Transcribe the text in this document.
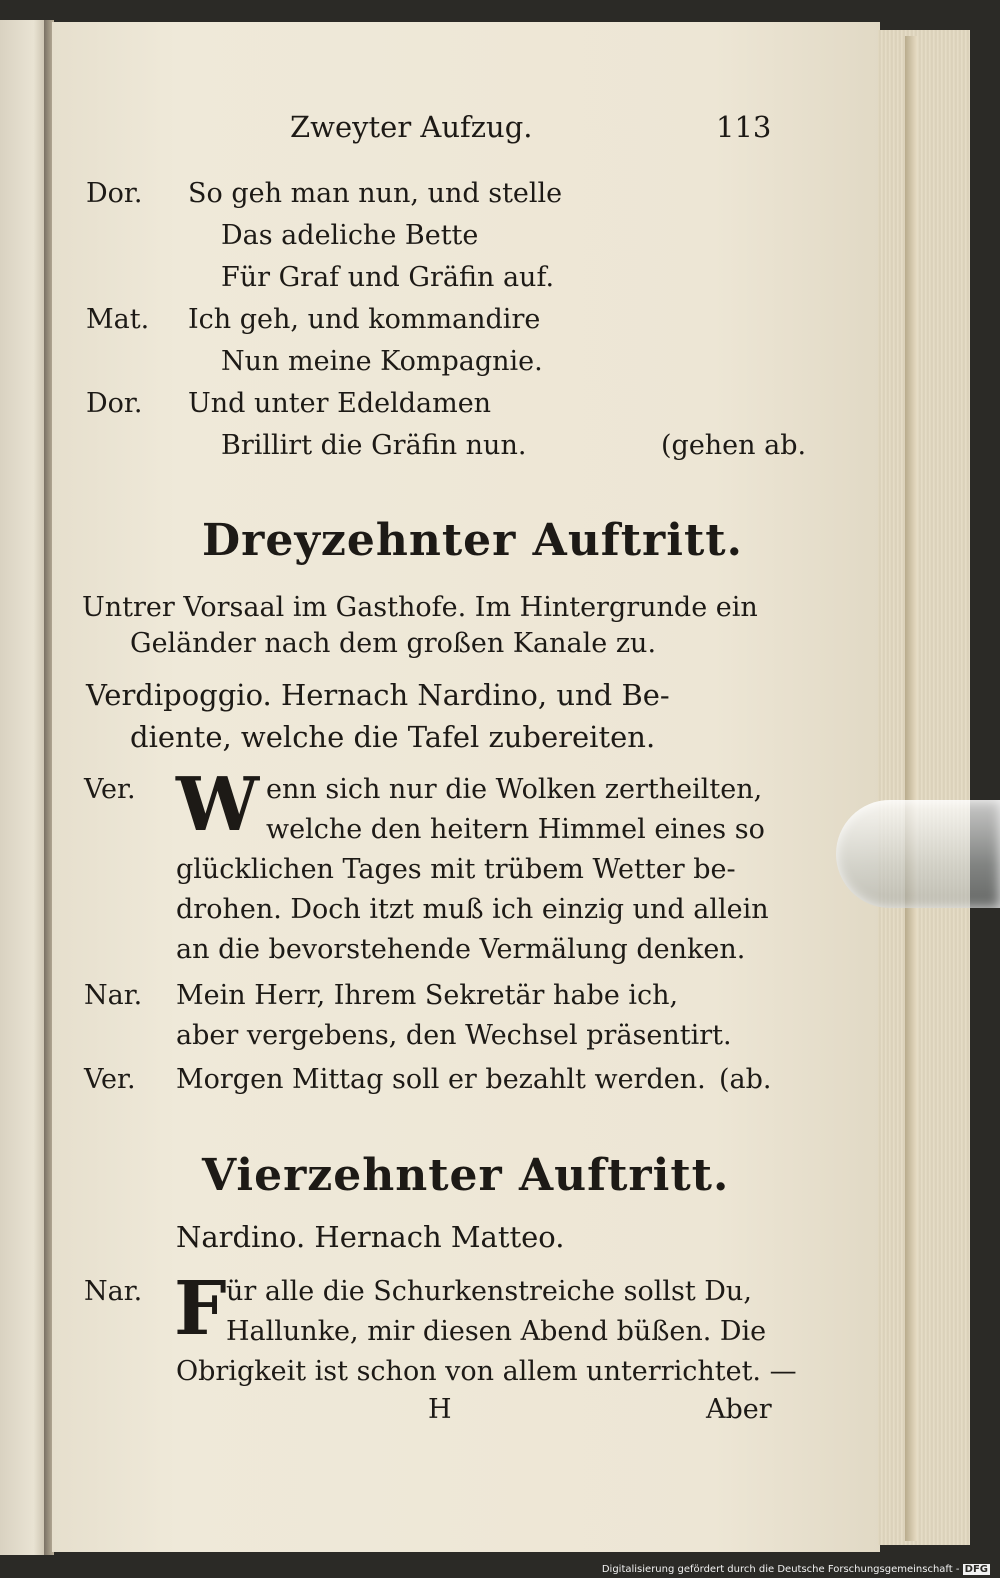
Zweyter Aufzug.	113
Dor. So geh man nun, und stelle
Das adeliche Bette
Für Graf und Gräfin auf.
Mat. Ich geh, und kommandire
Nun meine Kompagnie.
Dor. Und unter Edeldamen
Brillirt die Gräfin nun.	(gehen ab.
Dreyzehnter Auftritt.
Untrer Vorsaal im Gasthofe. Im Hintergrunde ein
Geländer nach dem großen Kanale zu.
Verdipoggio. Hernach Nardino, und Be-
diente, welche die Tafel zubereiten.
Ver. W enn sich nur die Wolken zertheilten,
welche den heitern Himmel eines so
glücklichen Tages mit trübem Wetter be-
drohen. Doch itzt muß ich einzig und allein
an die bevorstehende Vermälung denken.
Nar. Mein Herr, Ihrem Sekretär habe ich,
aber vergebens, den Wechsel präsentirt.
Ver. Morgen Mittag soll er bezahlt werden. (ab.
Vierzehnter Auftritt.
Nardino. Hernach Matteo.
Nar. F ür alle die Schurkenstreiche sollst Du,
Hallunke, mir diesen Abend büßen. Die
Obrigkeit ist schon von allem unterrichtet. —
H	Aber
Digitalisierung gefördert durch die Deutsche Forschungsgemeinschaft - DFG
